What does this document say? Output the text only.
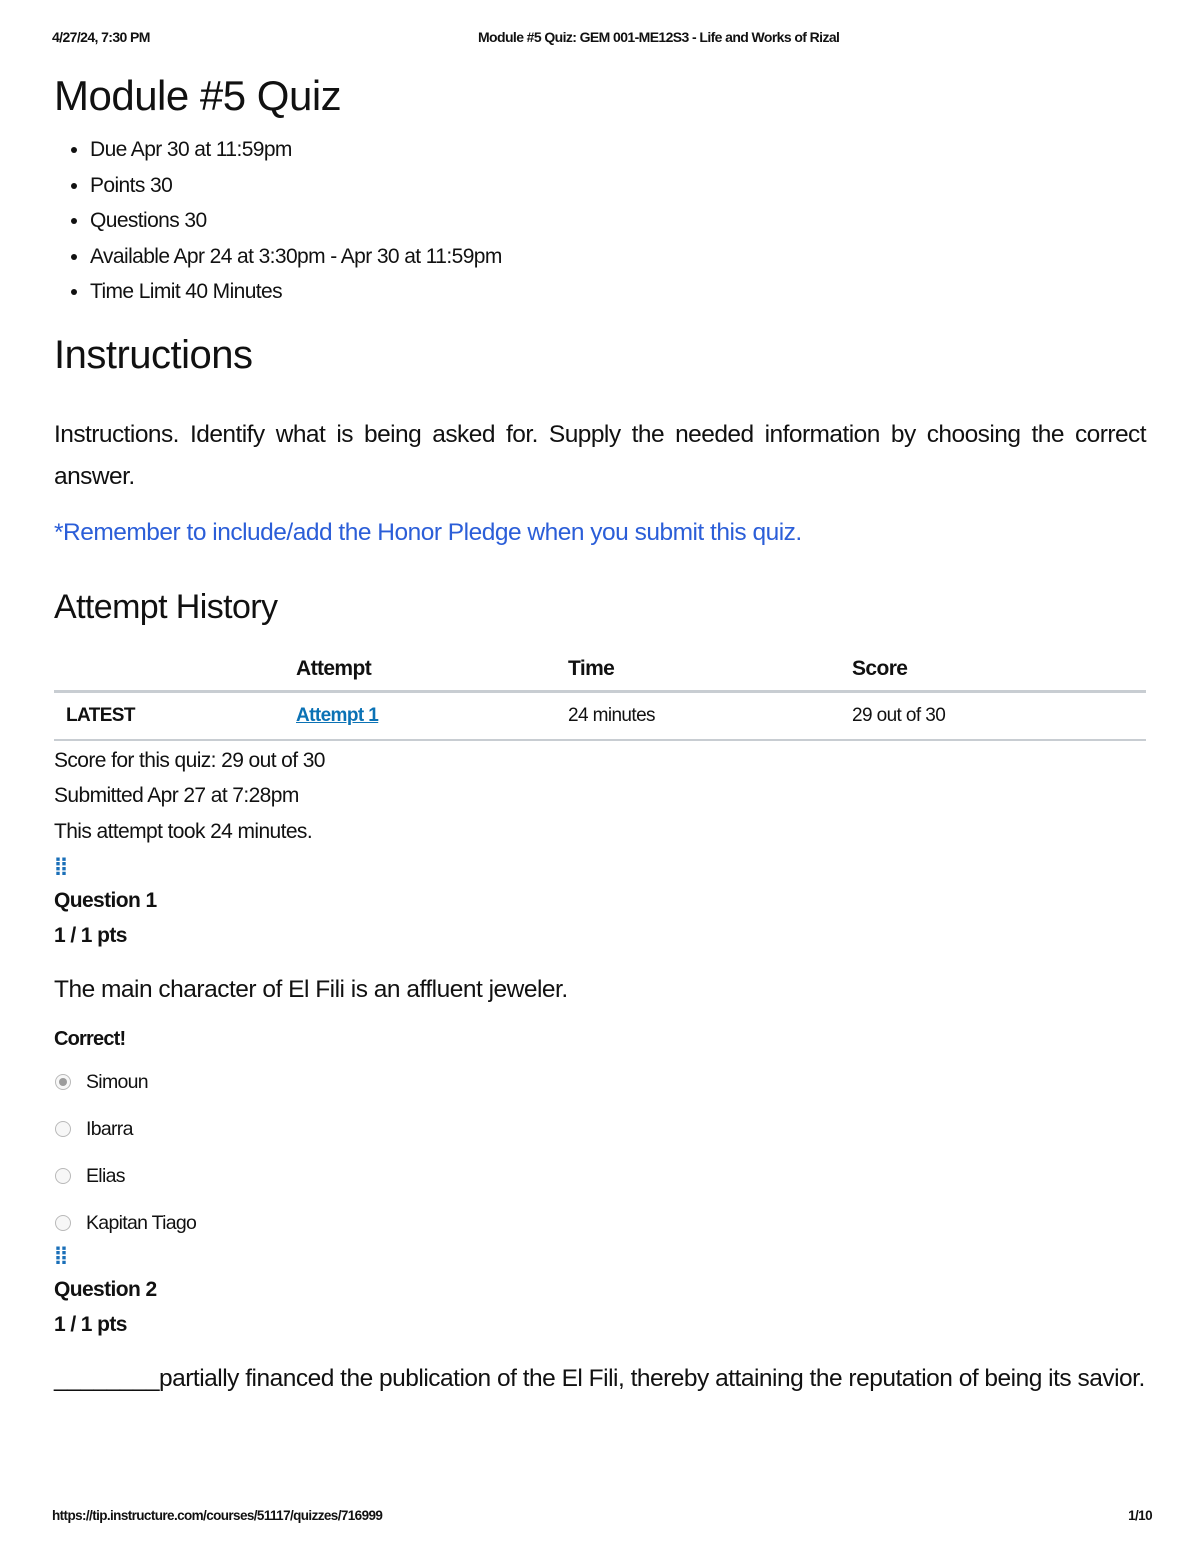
4/27/24, 7:30 PM	Module #5 Quiz: GEM 001-ME12S3 - Life and Works of Rizal
Module #5 Quiz
• Due Apr 30 at 11:59pm
• Points 30
• Questions 30
• Available Apr 24 at 3:30pm - Apr 30 at 11:59pm
• Time Limit 40 Minutes
Instructions
Instructions. Identify what is being asked for. Supply the needed information by choosing the correct answer.
*Remember to include/add the Honor Pledge when you submit this quiz.
Attempt History
	Attempt	Time	Score
LATEST	Attempt 1	24 minutes	29 out of 30
Score for this quiz: 29 out of 30
Submitted Apr 27 at 7:28pm
This attempt took 24 minutes.
⁞⁞
Question 1
1 / 1 pts
The main character of El Fili is an affluent jeweler.
Correct!
Simoun
Ibarra
Elias
Kapitan Tiago
⁞⁞
Question 2
1 / 1 pts
________partially financed the publication of the El Fili, thereby attaining the reputation of being its savior.
https://tip.instructure.com/courses/51117/quizzes/716999	1/10
